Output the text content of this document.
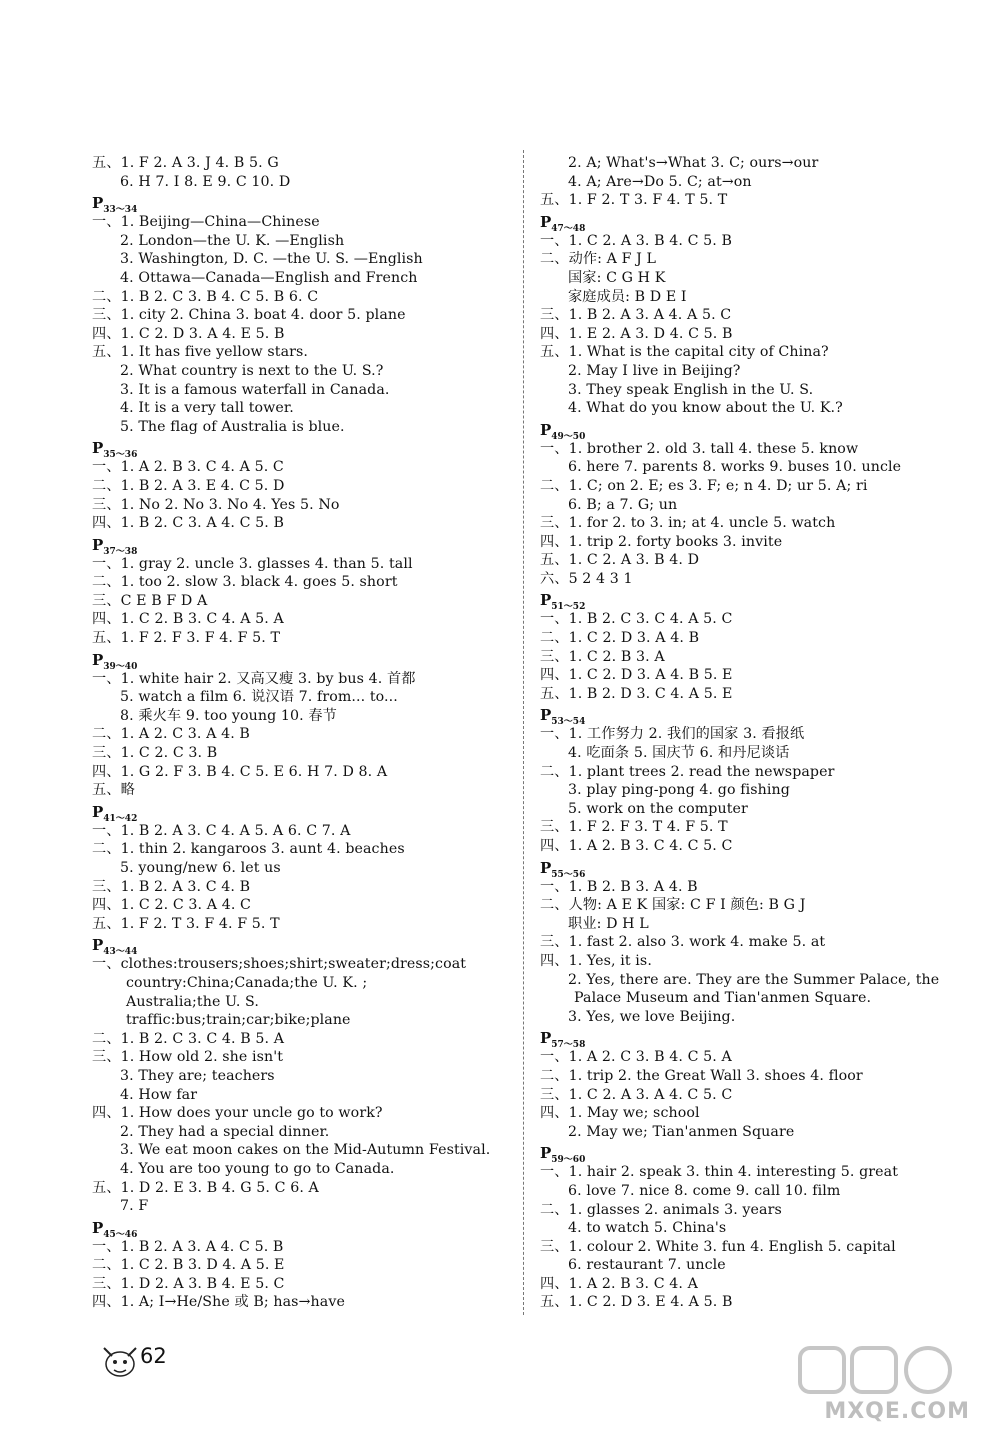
五、1. F 2. A 3. J 4. B 5. G
6. H 7. I 8. E 9. C 10. D
$P_{33\sim 34}$
一、1. Beijing—China—Chinese
2. London—the U. K. —English
3. Washington, D. C. —the U. S. —English
4. Ottawa—Canada—English and French
二、1. B 2. C 3. B 4. C 5. B 6. C
三、1. city 2. China 3. boat 4. door 5. plane
四、1. C 2. D 3. A 4. E 5. B
五、1. It has five yellow stars.
2. What country is next to the U. S.?
3. It is a famous waterfall in Canada.
4. It is a very tall tower.
5. The flag of Australia is blue.
$P_{35\sim 36}$
一、1. A 2. B 3. C 4. A 5. C
二、1. B 2. A 3. E 4. C 5. D
三、1. No 2. No 3. No 4. Yes 5. No
四、1. B 2. C 3. A 4. C 5. B
$P_{37\sim 38}$
一、1. gray 2. uncle 3. glasses 4. than 5. tall
二、1. too 2. slow 3. black 4. goes 5. short
三、C E B F D A
四、1. C 2. B 3. C 4. A 5. A
五、1. F 2. F 3. F 4. F 5. T
$P_{39\sim 40}$
一、1. white hair 2. 又高又瘦 3. by bus 4. 首都
5. watch a film 6. 说汉语 7. from... to...
8. 乘火车 9. too young 10. 春节
二、1. A 2. C 3. A 4. B
三、1. C 2. C 3. B
四、1. G 2. F 3. B 4. C 5. E 6. H 7. D 8. A
五、略
$P_{41\sim 42}$
一、1. B 2. A 3. C 4. A 5. A 6. C 7. A
二、1. thin 2. kangaroos 3. aunt 4. beaches
5. young/new 6. let us
三、1. B 2. A 3. C 4. B
四、1. C 2. C 3. A 4. C
五、1. F 2. T 3. F 4. F 5. T
$P_{43\sim 44}$
一、clothes:trousers;shoes;shirt;sweater;dress;coat
country:China;Canada;the U. K. ;
Australia;the U. S.
traffic:bus;train;car;bike;plane
二、1. B 2. C 3. C 4. B 5. A
三、1. How old 2. she isn't
3. They are; teachers
4. How far
四、1. How does your uncle go to work?
2. They had a special dinner.
3. We eat moon cakes on the Mid-Autumn Festival.
4. You are too young to go to Canada.
五、1. D 2. E 3. B 4. G 5. C 6. A
7. F
$P_{45\sim 46}$
一、1. B 2. A 3. A 4. C 5. B
二、1. C 2. B 3. D 4. A 5. E
三、1. D 2. A 3. B 4. E 5. C
四、1. A; I→He/She 或 B; has→have
2. A; What's→What 3. C; ours→our
4. A; Are→Do 5. C; at→on
五、1. F 2. T 3. F 4. T 5. T
$P_{47\sim 48}$
一、1. C 2. A 3. B 4. C 5. B
二、动作: A F J L
国家: C G H K
家庭成员: B D E I
三、1. B 2. A 3. A 4. A 5. C
四、1. E 2. A 3. D 4. C 5. B
五、1. What is the capital city of China?
2. May I live in Beijing?
3. They speak English in the U. S.
4. What do you know about the U. K.?
$P_{49\sim 50}$
一、1. brother 2. old 3. tall 4. these 5. know
6. here 7. parents 8. works 9. buses 10. uncle
二、1. C; on 2. E; es 3. F; e; n 4. D; ur 5. A; ri
6. B; a 7. G; un
三、1. for 2. to 3. in; at 4. uncle 5. watch
四、1. trip 2. forty books 3. invite
五、1. C 2. A 3. B 4. D
六、5 2 4 3 1
$P_{51\sim 52}$
一、1. B 2. C 3. C 4. A 5. C
二、1. C 2. D 3. A 4. B
三、1. C 2. B 3. A
四、1. C 2. D 3. A 4. B 5. E
五、1. B 2. D 3. C 4. A 5. E
$P_{53\sim 54}$
一、1. 工作努力 2. 我们的国家 3. 看报纸
4. 吃面条 5. 国庆节 6. 和丹尼谈话
二、1. plant trees 2. read the newspaper
3. play ping-pong 4. go fishing
5. work on the computer
三、1. F 2. F 3. T 4. F 5. T
四、1. A 2. B 3. C 4. C 5. C
$P_{55\sim 56}$
一、1. B 2. B 3. A 4. B
二、人物: A E K 国家: C F I 颜色: B G J
职业: D H L
三、1. fast 2. also 3. work 4. make 5. at
四、1. Yes, it is.
2. Yes, there are. They are the Summer Palace, the
Palace Museum and Tian'anmen Square.
3. Yes, we love Beijing.
$P_{57\sim 58}$
一、1. A 2. C 3. B 4. C 5. A
二、1. trip 2. the Great Wall 3. shoes 4. floor
三、1. C 2. A 3. A 4. C 5. C
四、1. May we; school
2. May we; Tian'anmen Square
$P_{59\sim 60}$
一、1. hair 2. speak 3. thin 4. interesting 5. great
6. love 7. nice 8. come 9. call 10. film
二、1. glasses 2. animals 3. years
4. to watch 5. China's
三、1. colour 2. White 3. fun 4. English 5. capital
6. restaurant 7. uncle
四、1. A 2. B 3. C 4. A
五、1. C 2. D 3. E 4. A 5. B
62
MXQE.COM
